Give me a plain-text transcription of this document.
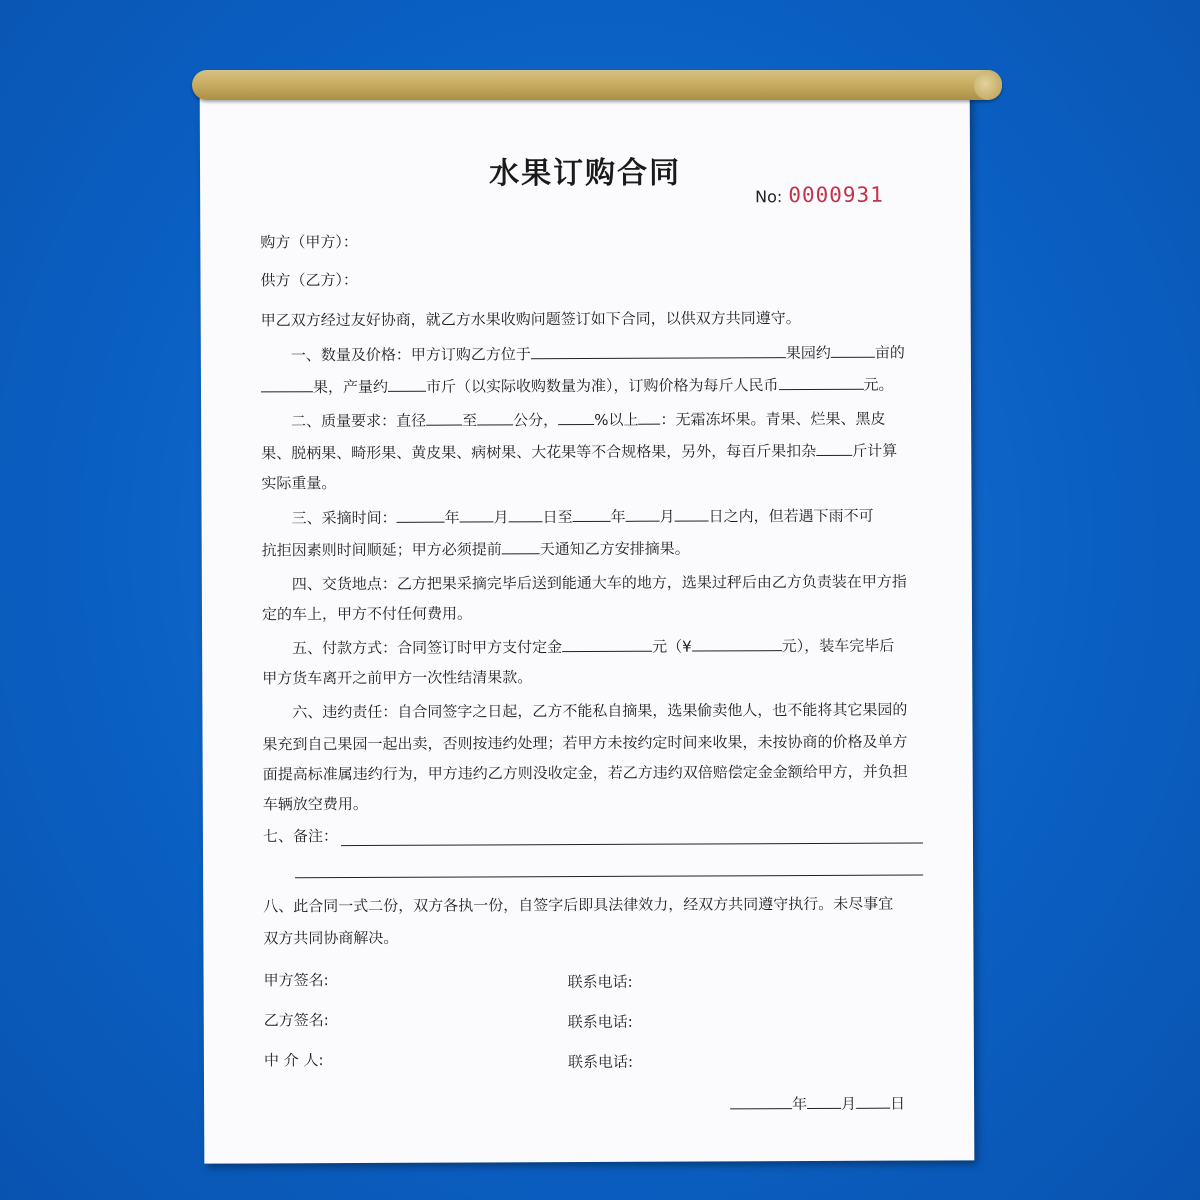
水果订购合同
No: 0000931
购方（甲方）：
供方（乙方）：
甲乙双方经过友好协商，就乙方水果收购问题签订如下合同，以供双方共同遵守。
一、数量及价格：甲方订购乙方位于	果园约	亩的
果，产量约	市斤（以实际收购数量为准），订购价格为每斤人民币	元。
二、质量要求：直径 至 公分， %以上 ：无霜冻坏果。青果、烂果、黑皮
果、脱柄果、畸形果、黄皮果、病树果、大花果等不合规格果，另外，每百斤果扣杂 斤计算
实际重量。
三、采摘时间：	年 月 日至	年 月 日之内，但若遇下雨不可
抗拒因素则时间顺延；甲方必须提前	天通知乙方安排摘果。
四、交货地点：乙方把果采摘完毕后送到能通大车的地方，选果过秤后由乙方负责装在甲方指
定的车上，甲方不付任何费用。
五、付款方式：合同签订时甲方支付定金	元（¥	元），装车完毕后
甲方货车离开之前甲方一次性结清果款。
六、违约责任：自合同签字之日起，乙方不能私自摘果，选果偷卖他人，也不能将其它果园的
果充到自己果园一起出卖，否则按违约处理；若甲方未按约定时间来收果，未按协商的价格及单方
面提高标准属违约行为，甲方违约乙方则没收定金，若乙方违约双倍赔偿定金金额给甲方，并负担
车辆放空费用。
七、备注：
八、此合同一式二份，双方各执一份，自签字后即具法律效力，经双方共同遵守执行。未尽事宜
双方共同协商解决。
甲方签名:	联系电话:
乙方签名:	联系电话:
中 介 人:	联系电话:
年 月 日
